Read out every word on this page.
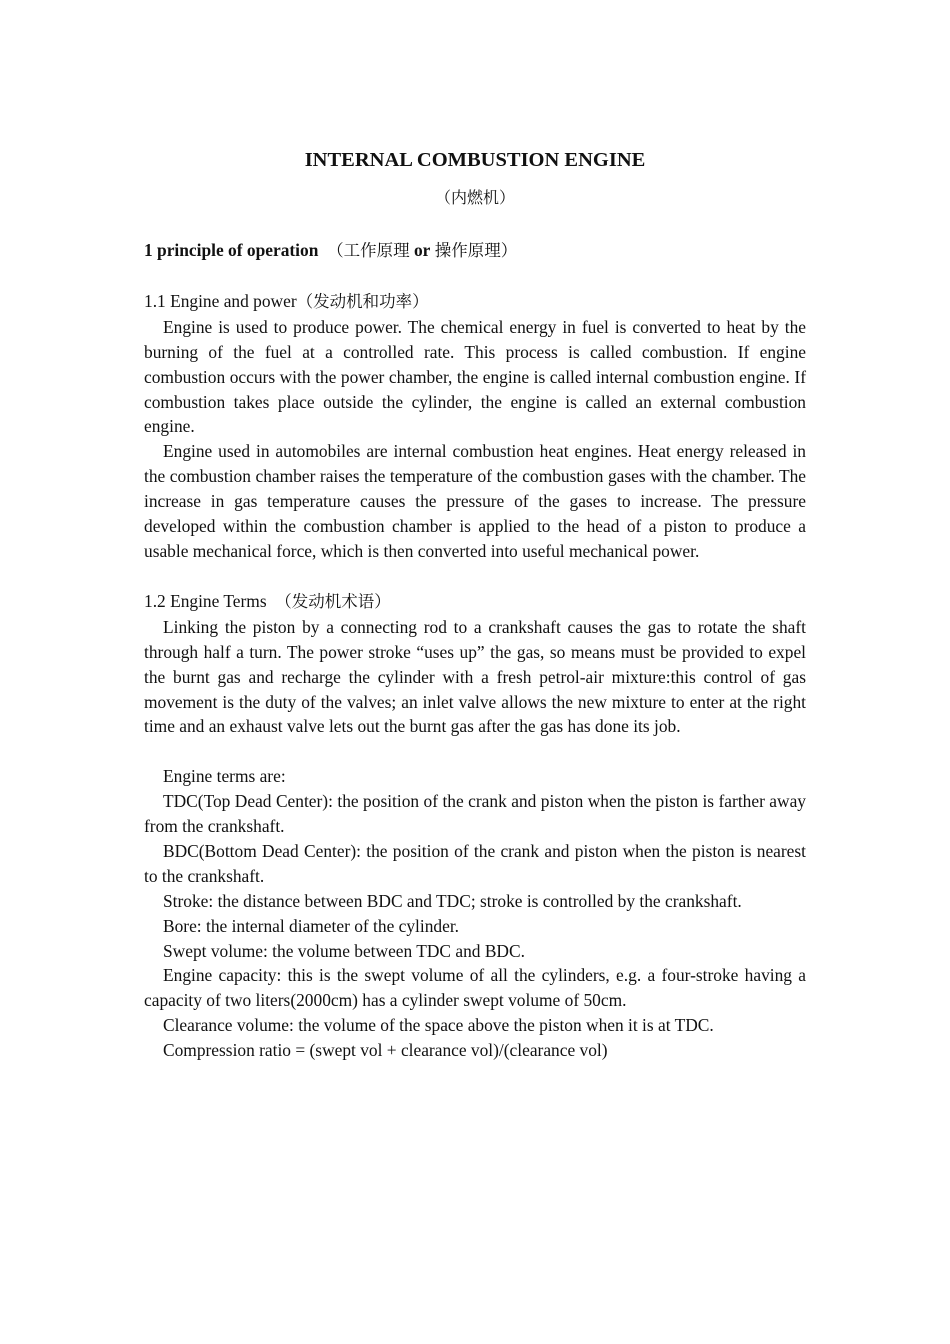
INTERNAL COMBUSTION ENGINE

（内燃机）

1 principle of operation （工作原理 or 操作原理）

1.1 Engine and power（发动机和功率）

Engine is used to produce power. The chemical energy in fuel is converted to heat by the burning of the fuel at a controlled rate. This process is called combustion. If engine combustion occurs with the power chamber, the engine is called internal combustion engine. If combustion takes place outside the cylinder, the engine is called an external combustion engine.

Engine used in automobiles are internal combustion heat engines. Heat energy released in the combustion chamber raises the temperature of the combustion gases with the chamber. The increase in gas temperature causes the pressure of the gases to increase. The pressure developed within the combustion chamber is applied to the head of a piston to produce a usable mechanical force, which is then converted into useful mechanical power.

1.2 Engine Terms （发动机术语）

Linking the piston by a connecting rod to a crankshaft causes the gas to rotate the shaft through half a turn. The power stroke “uses up” the gas, so means must be provided to expel the burnt gas and recharge the cylinder with a fresh petrol-air mixture:this control of gas movement is the duty of the valves; an inlet valve allows the new mixture to enter at the right time and an exhaust valve lets out the burnt gas after the gas has done its job.

Engine terms are:

TDC(Top Dead Center): the position of the crank and piston when the piston is farther away from the crankshaft.

BDC(Bottom Dead Center): the position of the crank and piston when the piston is nearest to the crankshaft.

Stroke: the distance between BDC and TDC; stroke is controlled by the crankshaft.

Bore: the internal diameter of the cylinder.

Swept volume: the volume between TDC and BDC.

Engine capacity: this is the swept volume of all the cylinders, e.g. a four-stroke having a capacity of two liters(2000cm) has a cylinder swept volume of 50cm.

Clearance volume: the volume of the space above the piston when it is at TDC.

Compression ratio = (swept vol + clearance vol)/(clearance vol)
